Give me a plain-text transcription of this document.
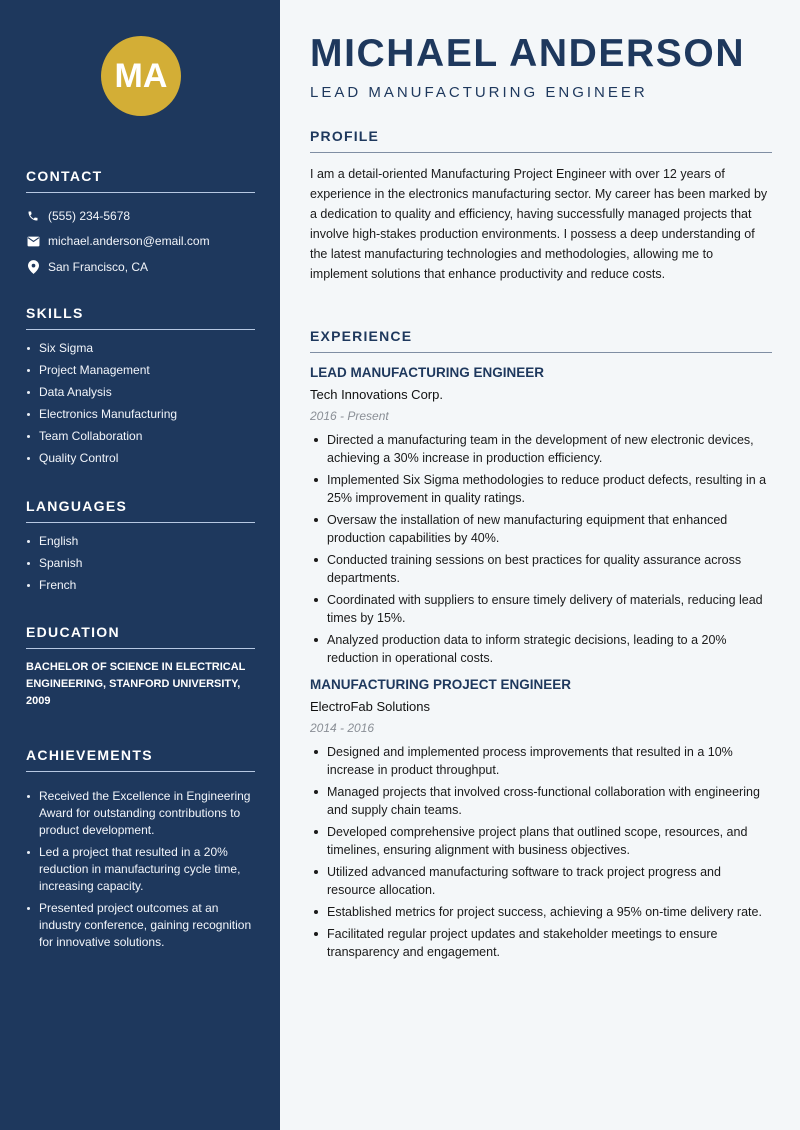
MA
CONTACT
(555) 234-5678
michael.anderson@email.com
San Francisco, CA
SKILLS
Six Sigma
Project Management
Data Analysis
Electronics Manufacturing
Team Collaboration
Quality Control
LANGUAGES
English
Spanish
French
EDUCATION

BACHELOR OF SCIENCE IN ELECTRICAL ENGINEERING, STANFORD UNIVERSITY, 2009

ACHIEVEMENTS
Received the Excellence in Engineering Award for outstanding contributions to product development.
Led a project that resulted in a 20% reduction in manufacturing cycle time, increasing capacity.
Presented project outcomes at an industry conference, gaining recognition for innovative solutions.
MICHAEL ANDERSON
LEAD MANUFACTURING ENGINEER
PROFILE

I am a detail-oriented Manufacturing Project Engineer with over 12 years of experience in the electronics manufacturing sector. My career has been marked by a dedication to quality and efficiency, having successfully managed projects that involve high-stakes production environments. I possess a deep understanding of the latest manufacturing technologies and methodologies, allowing me to implement solutions that enhance productivity and reduce costs.

EXPERIENCE
LEAD MANUFACTURING ENGINEER
Tech Innovations Corp.
2016 - Present
Directed a manufacturing team in the development of new electronic devices, achieving a 30% increase in production efficiency.
Implemented Six Sigma methodologies to reduce product defects, resulting in a 25% improvement in quality ratings.
Oversaw the installation of new manufacturing equipment that enhanced production capabilities by 40%.
Conducted training sessions on best practices for quality assurance across departments.
Coordinated with suppliers to ensure timely delivery of materials, reducing lead times by 15%.
Analyzed production data to inform strategic decisions, leading to a 20% reduction in operational costs.
MANUFACTURING PROJECT ENGINEER
ElectroFab Solutions
2014 - 2016
Designed and implemented process improvements that resulted in a 10% increase in product throughput.
Managed projects that involved cross-functional collaboration with engineering and supply chain teams.
Developed comprehensive project plans that outlined scope, resources, and timelines, ensuring alignment with business objectives.
Utilized advanced manufacturing software to track project progress and resource allocation.
Established metrics for project success, achieving a 95% on-time delivery rate.
Facilitated regular project updates and stakeholder meetings to ensure transparency and engagement.
